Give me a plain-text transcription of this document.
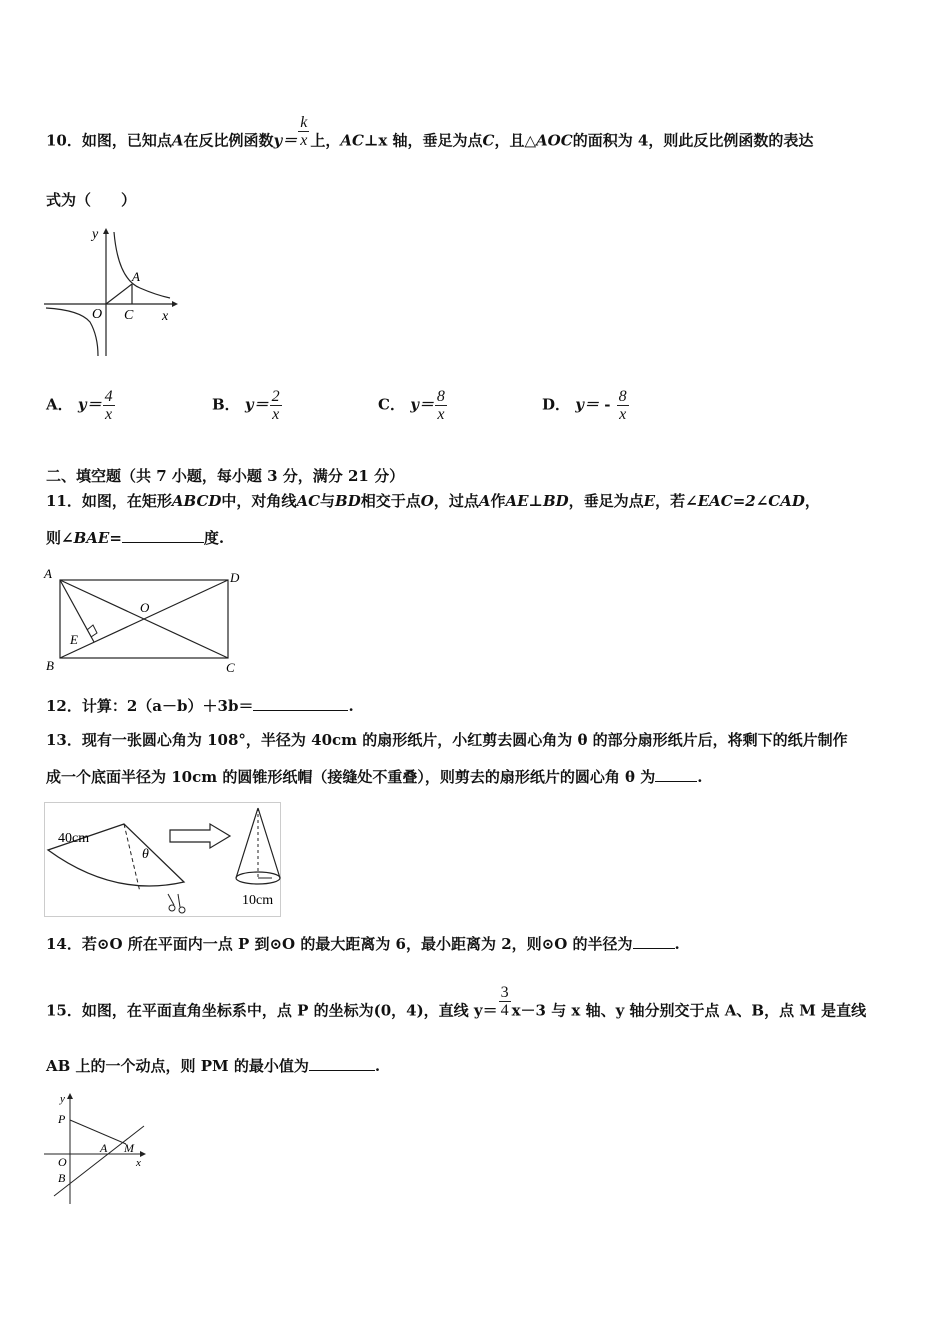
10．如图，已知点A在反比例函数$y= \frac{k}{x}$ 上，AC⊥x 轴，垂足为点C，且△AOC的面积为 4，则此反比例函数的表达
式为（　　）
y
A
O C x
A． $y= \frac{4}{x}$	B． $y= \frac{2}{x}$	C． $y= \frac{8}{x}$	D． $y= - \frac{8}{x}$
二、填空题（共 7 小题，每小题 3 分，满分 21 分）
11．如图，在矩形ABCD中，对角线AC与BD相交于点O，过点A作AE⊥BD，垂足为点E，若∠EAC=2∠CAD，
则∠BAE=	度.
A	D
O
E
B	C
12．计算：2（a－b）＋3b＝	.
13．现有一张圆心角为 108°，半径为 40cm 的扇形纸片，小红剪去圆心角为 θ 的部分扇形纸片后，将剩下的纸片制作
成一个底面半径为 10cm 的圆锥形纸帽（接缝处不重叠），则剪去的扇形纸片的圆心角 θ 为	.
40cm
θ
10cm
14．若⊙O 所在平面内一点 P 到⊙O 的最大距离为 6，最小距离为 2，则⊙O 的半径为	.
15．如图，在平面直角坐标系中，点 P 的坐标为(0，4)，直线 $y= \frac{3}{4} x-3$ 与 x 轴、y 轴分别交于点 A、B，点 M 是直线
AB 上的一个动点，则 PM 的最小值为	.
y
P
A M
O	x
B
